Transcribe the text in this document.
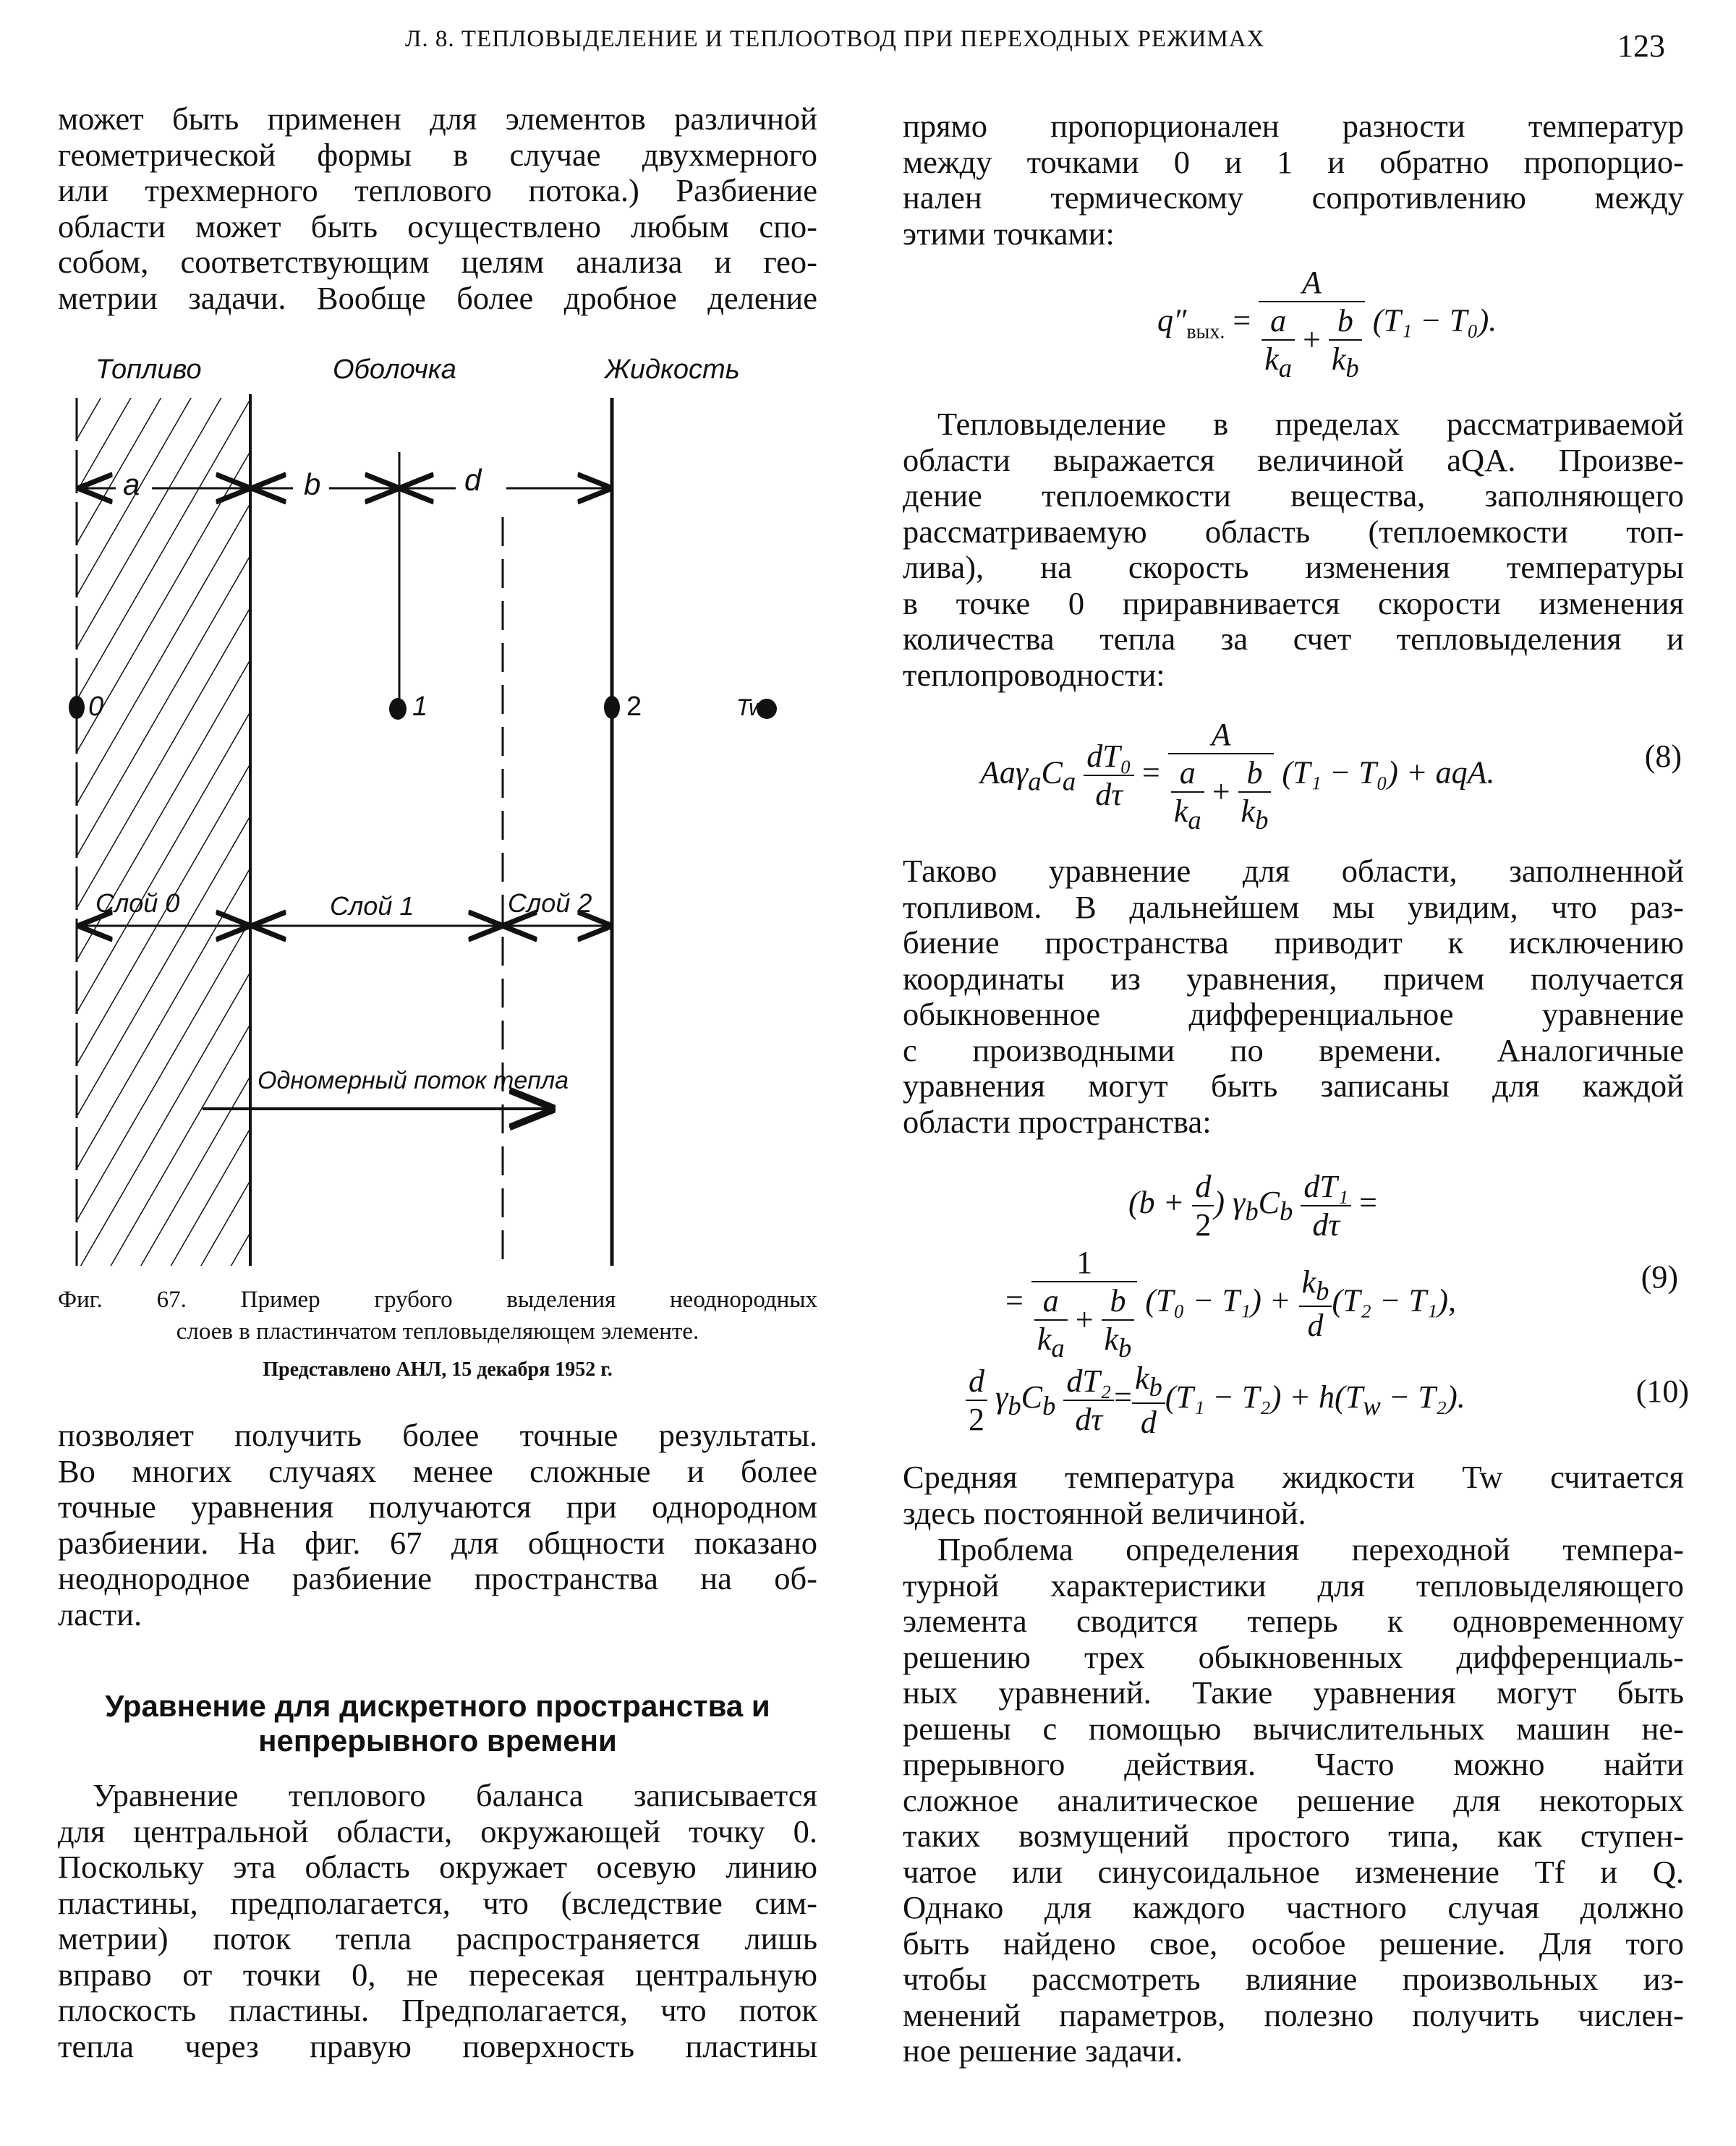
Л. 8. ТЕПЛОВЫДЕЛЕНИЕ И ТЕПЛООТВОД ПРИ ПЕРЕХОДНЫХ РЕЖИМАХ	123
может быть применен для элементов различной
геометрической формы в случае двухмерного
или трехмерного теплового потока.) Разбиение
области может быть осуществлено любым спо-
собом, соответствующим целям анализа и гео-
метрии задачи. Вообще более дробное деление
Топливо	Оболочка	Жидкость
a	b	d
0	1	2	Tw
Слой 0	Слой 1	Слой 2
Одномерный поток тепла
Фиг. 67. Пример грубого выделения неоднородных
слоев в пластинчатом тепловыделяющем элементе.
Представлено АНЛ, 15 декабря 1952 г.
позволяет получить более точные результаты.
Во многих случаях менее сложные и более
точные уравнения получаются при однородном
разбиении. На фиг. 67 для общности показано
неоднородное разбиение пространства на об-
ласти.
Уравнение для дискретного пространства и
непрерывного времени
Уравнение теплового баланса записывается
для центральной области, окружающей точку 0.
Поскольку эта область окружает осевую линию
пластины, предполагается, что (вследствие сим-
метрии) поток тепла распространяется лишь
вправо от точки 0, не пересекая центральную
плоскость пластины. Предполагается, что поток
тепла через правую поверхность пластины
прямо пропорционален разности температур
между точками 0 и 1 и обратно пропорцио-
нален термическому сопротивлению между
этими точками:
$q''_{вых.} = \frac{A}{\frac{a}{k_a} + \frac{b}{k_b}} (T_1 - T_0)$.
Тепловыделение в пределах рассматриваемой
области выражается величиной aQA. Произве-
дение теплоемкости вещества, заполняющего
рассматриваемую область (теплоемкости топ-
лива), на скорость изменения температуры
в точке 0 приравнивается скорости изменения
количества тепла за счет тепловыделения и
теплопроводности:
$Aa\gamma_aC_a \frac{\text{dT₀}}{d\tau} = \frac{A}{\frac{a}{k_a} + \frac{b}{k_b}} (T_1 - T_0)$ + aqA.	(8)
Таково уравнение для области, заполненной
топливом. В дальнейшем мы увидим, что раз-
биение пространства приводит к исключению
координаты из уравнения, причем получается
обыкновенное дифференциальное уравнение
с производными по времени. Аналогичные
уравнения могут быть записаны для каждой
области пространства:
($b + \frac{d}{2}$ ) $\gamma_bC_b \frac{\text{dT₁}}{d\tau}$ =
= $\frac{1}{\frac{a}{k_a} + \frac{b}{k_b}} (T_0 - T_1) + \frac{k_b}{d} (T_2 - T_1)$,
(9)
$\frac{d}{2} \gamma_bC_b \frac{\text{dT₂}}{d\tau} = \frac{k_b}{d} (T_1 - T_2) + h(T_w - T_2)$.	(10)
Средняя температура жидкости Tw считается
здесь постоянной величиной.
Проблема определения переходной темпера-
турной характеристики для тепловыделяющего
элемента сводится теперь к одновременному
решению трех обыкновенных дифференциаль-
ных уравнений. Такие уравнения могут быть
решены с помощью вычислительных машин не-
прерывного действия. Часто можно найти
сложное аналитическое решение для некоторых
таких возмущений простого типа, как ступен-
чатое или синусоидальное изменение Tf и Q.
Однако для каждого частного случая должно
быть найдено свое, особое решение. Для того
чтобы рассмотреть влияние произвольных из-
менений параметров, полезно получить числен-
ное решение задачи.
